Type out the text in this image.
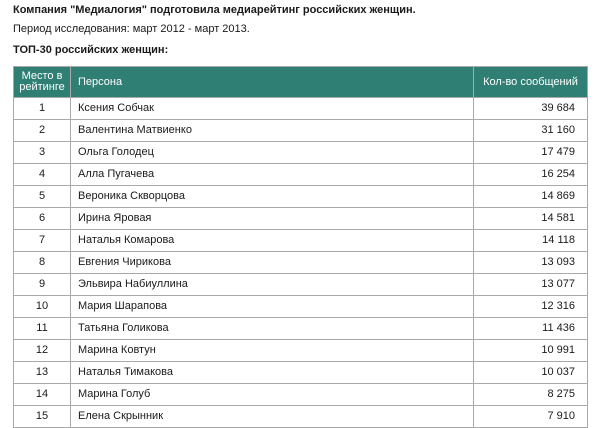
Компания "Медиалогия" подготовила медиарейтинг российских женщин.
Период исследования: март 2012 - март 2013.
ТОП-30 российских женщин:
Место в рейтинге	Персона	Кол-во сообщений
1	Ксения Собчак	39 684
2	Валентина Матвиенко	31 160
3	Ольга Голодец	17 479
4	Алла Пугачева	16 254
5	Вероника Скворцова	14 869
6	Ирина Яровая	14 581
7	Наталья Комарова	14 118
8	Евгения Чирикова	13 093
9	Эльвира Набиуллина	13 077
10	Мария Шарапова	12 316
11	Татьяна Голикова	11 436
12	Марина Ковтун	10 991
13	Наталья Тимакова	10 037
14	Марина Голуб	8 275
15	Елена Скрынник	7 910
